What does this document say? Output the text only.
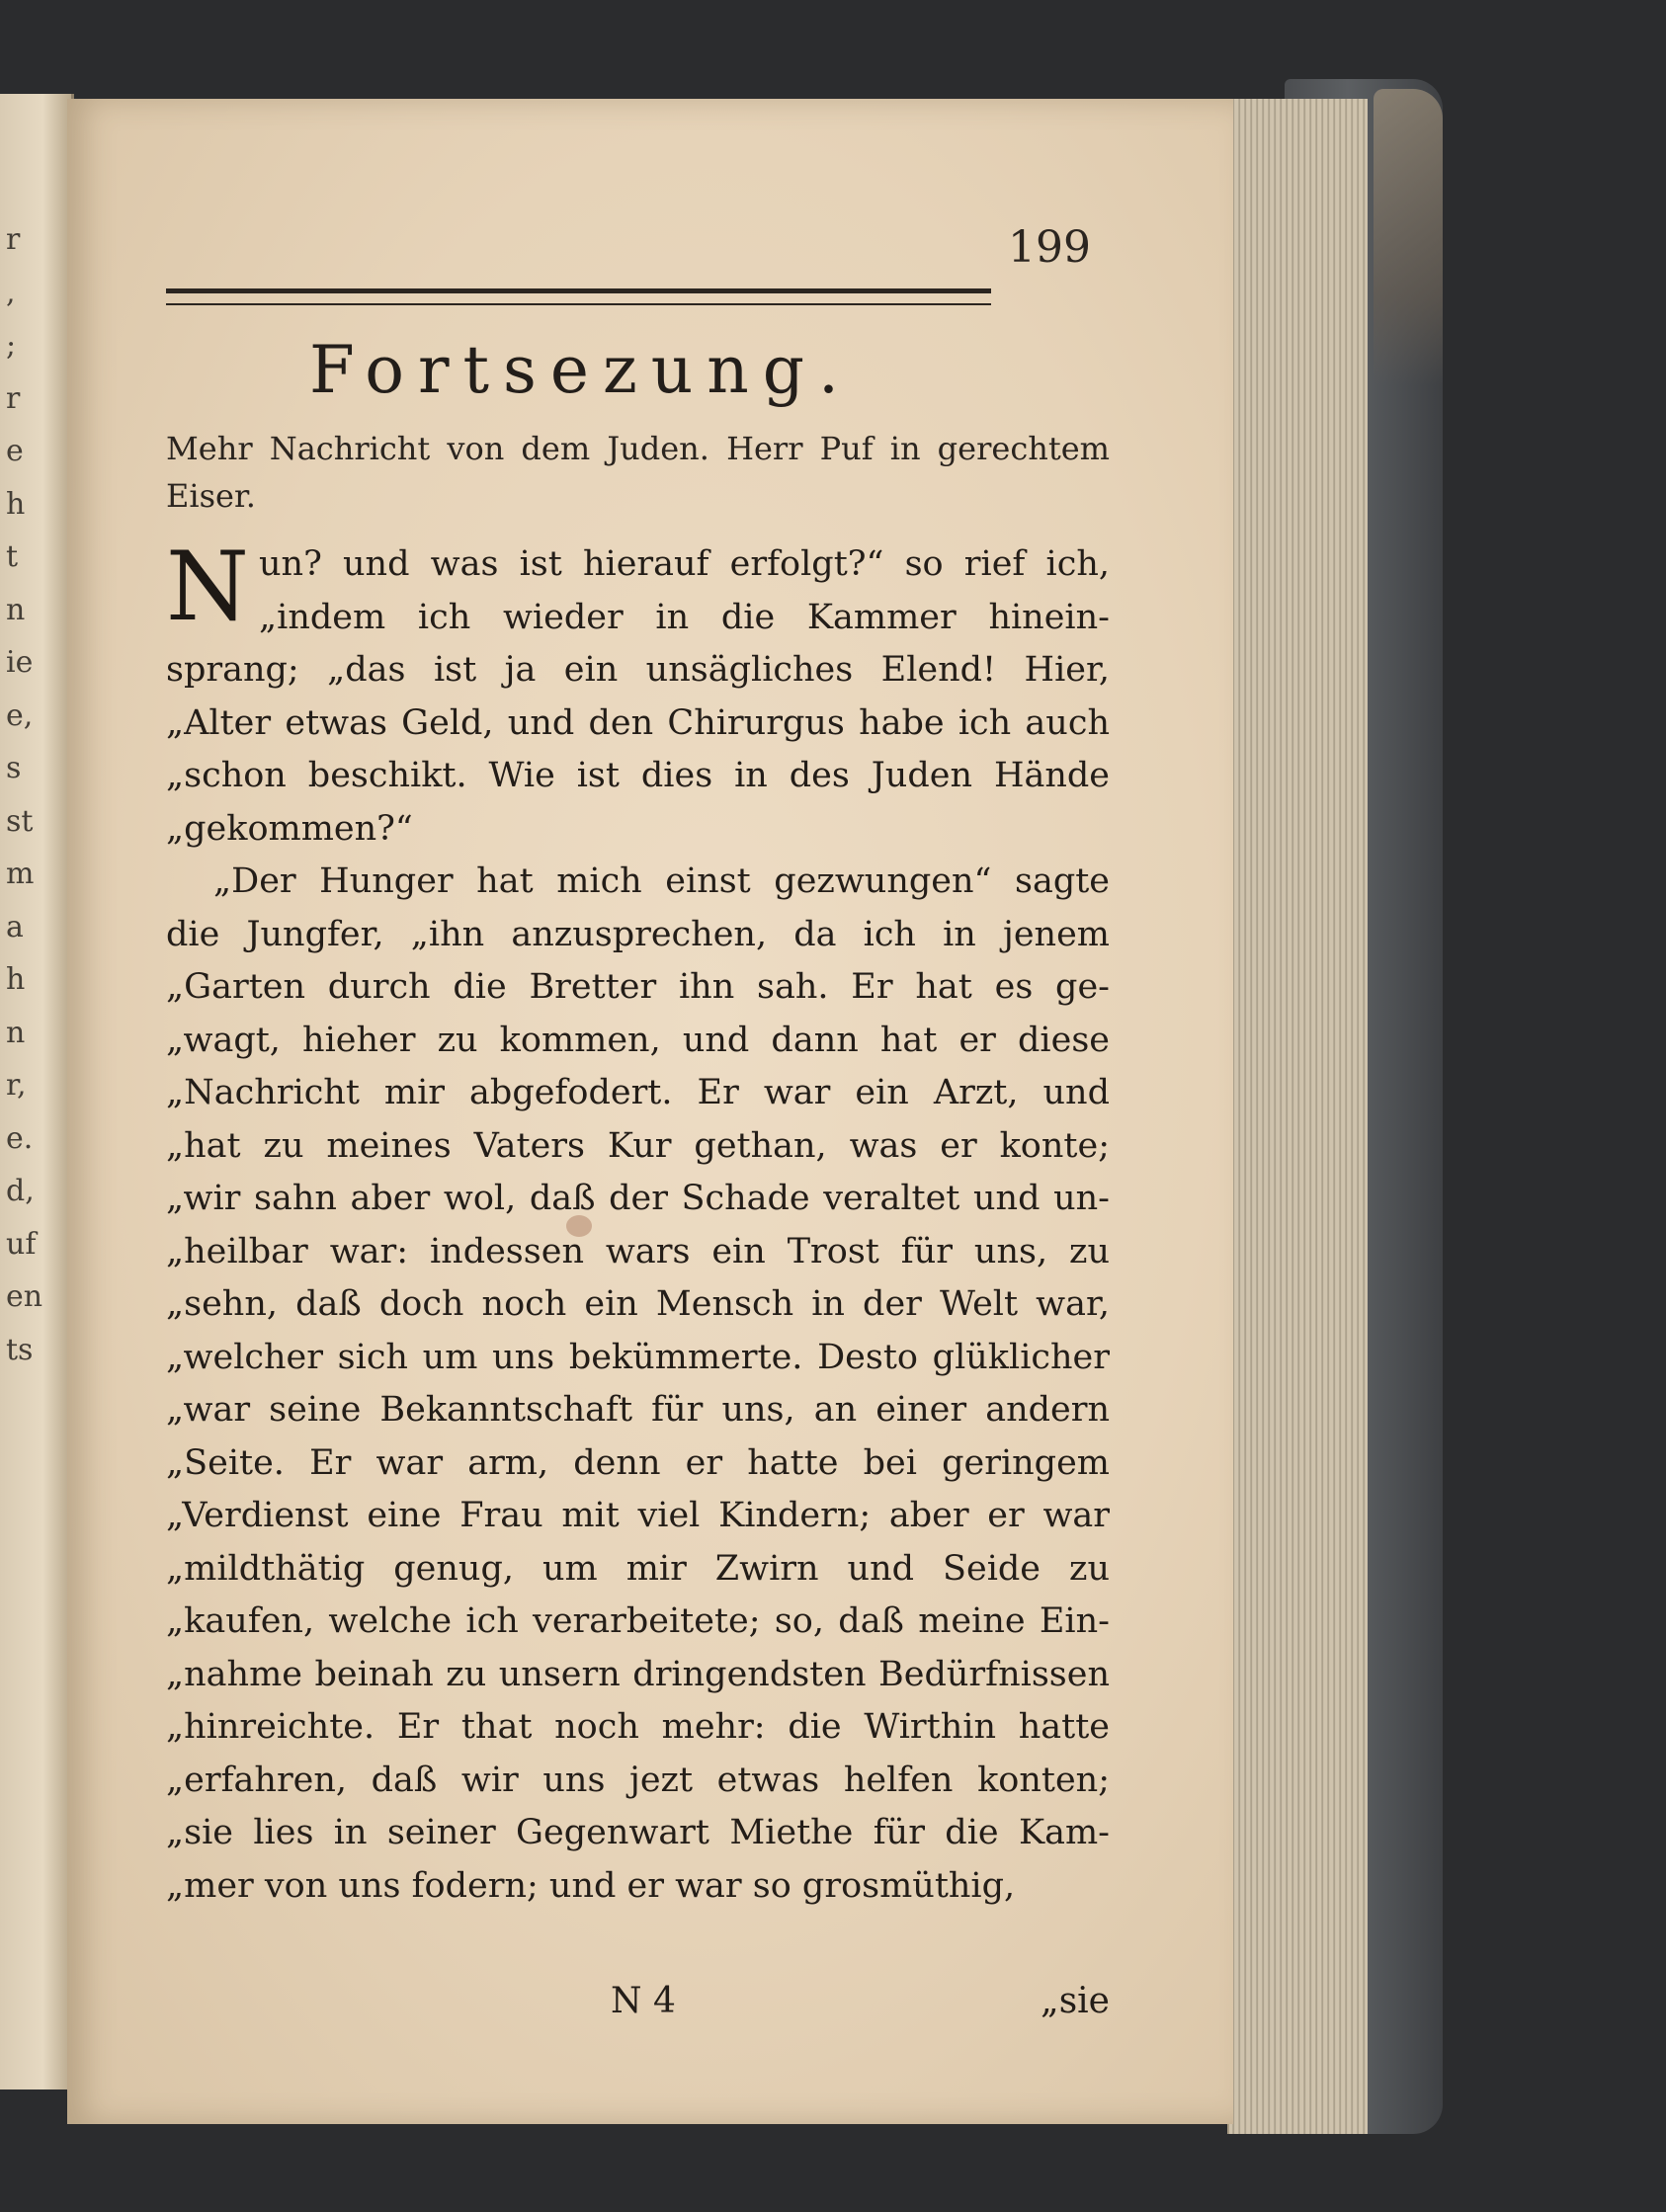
r
,
;
r
e
h
t
n
ie
e,
s
st
m
a
h
n
r,
e.
d,
uf
en
ts
199
Fortsezung.
Mehr Nachricht von dem Juden. Herr Puf in gerechtem Eiser.

N un? und was ist hierauf erfolgt?“ so rief ich,
„indem ich wieder in die Kammer hinein-
sprang; „das ist ja ein unsägliches Elend! Hier,
„Alter etwas Geld, und den Chirurgus habe ich auch
„schon beschikt. Wie ist dies in des Juden Hände
„gekommen?“

„Der Hunger hat mich einst gezwungen“ sagte
die Jungfer, „ihn anzusprechen, da ich in jenem
„Garten durch die Bretter ihn sah. Er hat es ge-
„wagt, hieher zu kommen, und dann hat er diese
„Nachricht mir abgefodert. Er war ein Arzt, und
„hat zu meines Vaters Kur gethan, was er konte;
„wir sahn aber wol, daß der Schade veraltet und un-
„heilbar war: indessen wars ein Trost für uns, zu
„sehn, daß doch noch ein Mensch in der Welt war,
„welcher sich um uns bekümmerte. Desto glüklicher
„war seine Bekanntschaft für uns, an einer andern
„Seite. Er war arm, denn er hatte bei geringem
„Verdienst eine Frau mit viel Kindern; aber er war
„mildthätig genug, um mir Zwirn und Seide zu
„kaufen, welche ich verarbeitete; so, daß meine Ein-
„nahme beinah zu unsern dringendsten Bedürfnissen
„hinreichte. Er that noch mehr: die Wirthin hatte
„erfahren, daß wir uns jezt etwas helfen konten;
„sie lies in seiner Gegenwart Miethe für die Kam-
„mer von uns fodern; und er war so grosmüthig,

N 4	„sie
